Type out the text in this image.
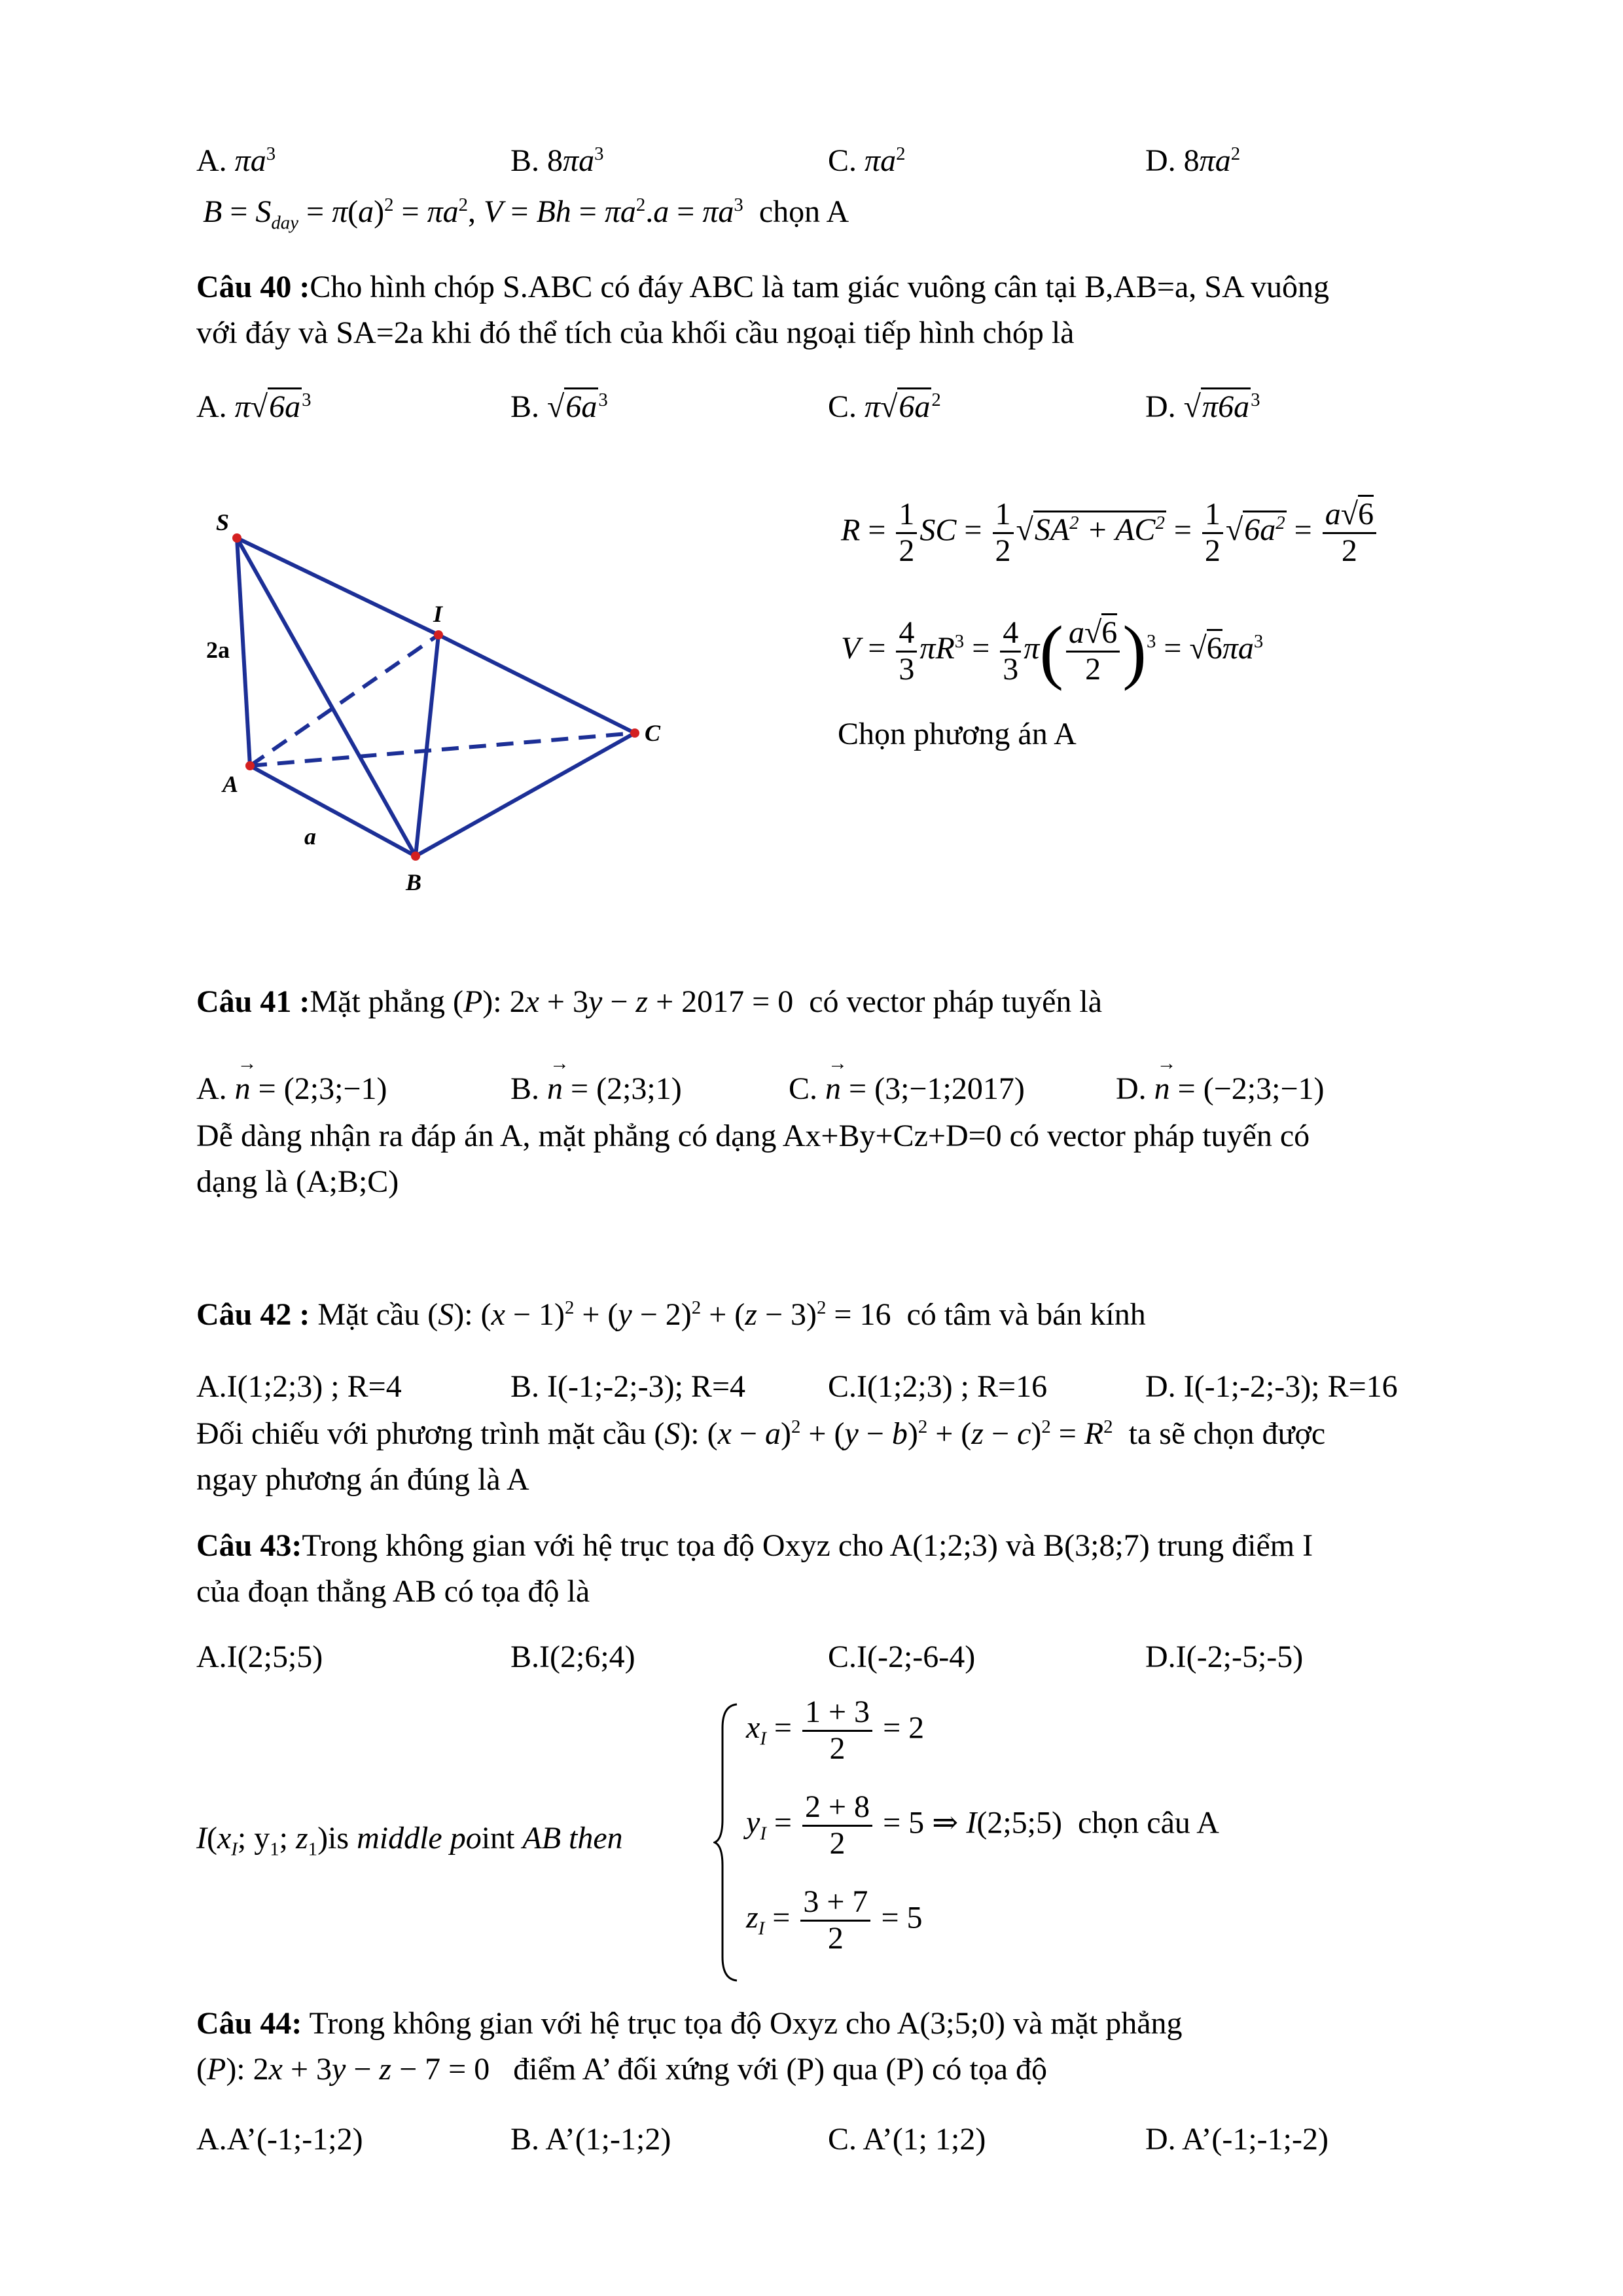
A. $\pi a^3$	B. $8\pi a^3$	C. $\pi a^2$	D. $8\pi a^2$
$B = S_{day} = \pi(a)^2 = \pi a^2$, $V = Bh = \pi a^2.a = \pi a^3$ chọn A
Câu 40 :Cho hình chóp S.ABC có đáy ABC là tam giác vuông cân tại B,AB=a, SA vuông
với đáy và SA=2a khi đó thể tích của khối cầu ngoại tiếp hình chóp là
A. $\pi√6a^3$	B. $√6a^3$	C. $\pi√6a^2$	D. $√\pi 6a^3$
S
I
A
B
C
2a
a
$R = \frac{1}{2}$ SC = $\frac{1}{2} √SA^2 + AC^2 = \frac{1}{2} √6a^2 = \frac{a√6}{2}$
$V = \frac{4}{3} \pi R^3 = \frac{4}{3} \pi( \frac{a√6}{2} )^3 = √6\pi a^3$
Chọn phương án A
Câu 41 :Mặt phẳng (P): 2x + 3y − z + 2017 = 0  có vector pháp tuyến là
A. → n = (2;3;−1)	B. → n = (2;3;1)	C. → n = (3;−1;2017)	D. → n = (−2;3;−1)
Dễ dàng nhận ra đáp án A, mặt phẳng có dạng Ax+By+Cz+D=0 có vector pháp tuyến có
dạng là (A;B;C)
Câu 42 : Mặt cầu (S): $(x - 1)^2 + (y - 2)^2 + (z - 3)^2 = 16$  có tâm và bán kính
A.I(1;2;3) ; R=4	B. I(-1;-2;-3); R=4	C.I(1;2;3) ; R=16	D. I(-1;-2;-3); R=16
Đối chiếu với phương trình mặt cầu (S): $(x - a)^2 + (y - b)^2 + (z - c)^2 = R^2$ ta sẽ chọn được
ngay phương án đúng là A
Câu 43:Trong không gian với hệ trục tọa độ Oxyz cho A(1;2;3) và B(3;8;7) trung điểm I
của đoạn thẳng AB có tọa độ là
A.I(2;5;5)	B.I(2;6;4)	C.I(-2;-6-4)	D.I(-2;-5;-5)
$I(x_I$; $y_1$; $z_1)is$ middle point AB then
$x_I = \frac{1 + 3}{2} = 2$
$y_I = \frac{2 + 8}{2} = 5$ ⇒ I(2;5;5)  chọn câu A
$z_I = \frac{3 + 7}{2} = 5$
Câu 44: Trong không gian với hệ trục tọa độ Oxyz cho A(3;5;0) và mặt phẳng
(P): 2x + 3y − z − 7 = 0   điểm A’ đối xứng với (P) qua (P) có tọa độ
A.A’(-1;-1;2)	B. A’(1;-1;2)	C. A’(1; 1;2)	D. A’(-1;-1;-2)
